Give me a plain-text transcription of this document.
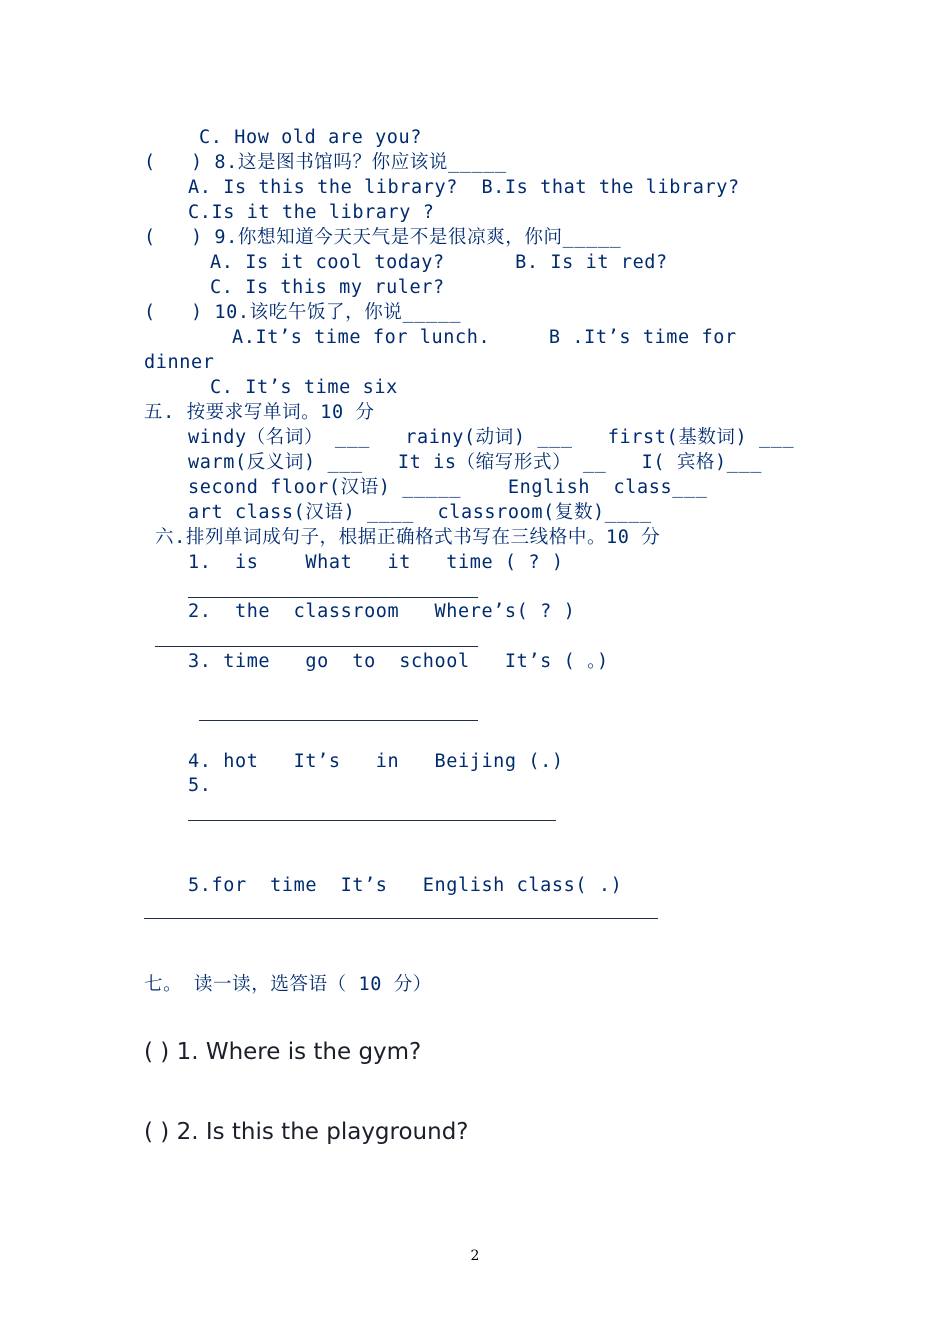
C. How old are you?
(   ) 8.这是图书馆吗？你应该说_____
A. Is this the library?  B.Is that the library?
C.Is it the library ?
(   ) 9.你想知道今天天气是不是很凉爽，你问_____
A. Is it cool today?      B. Is it red?
C. Is this my ruler?
(   ) 10.该吃午饭了，你说_____
A.It’s time for lunch.     B .It’s time for
dinner
C. It’s time six
五. 按要求写单词。10 分
windy（名词） ___   rainy(动词) ___   first(基数词) ___
warm(反义词) ___   It is（缩写形式） __   I( 宾格)___
second floor(汉语) _____    English  class___
art class(汉语) ____  classroom(复数)____
六.排列单词成句子，根据正确格式书写在三线格中。10 分
1.  is    What   it   time ( ? )
2.  the  classroom   Where’s( ? )
3. time   go  to  school   It’s ( 。)
4. hot   It’s   in   Beijing (.)
5.
5.for  time  It’s   English class( .)
七。 读一读，选答语（ 10 分）
( ) 1. Where is the gym?
( ) 2. Is this the playground?
2
